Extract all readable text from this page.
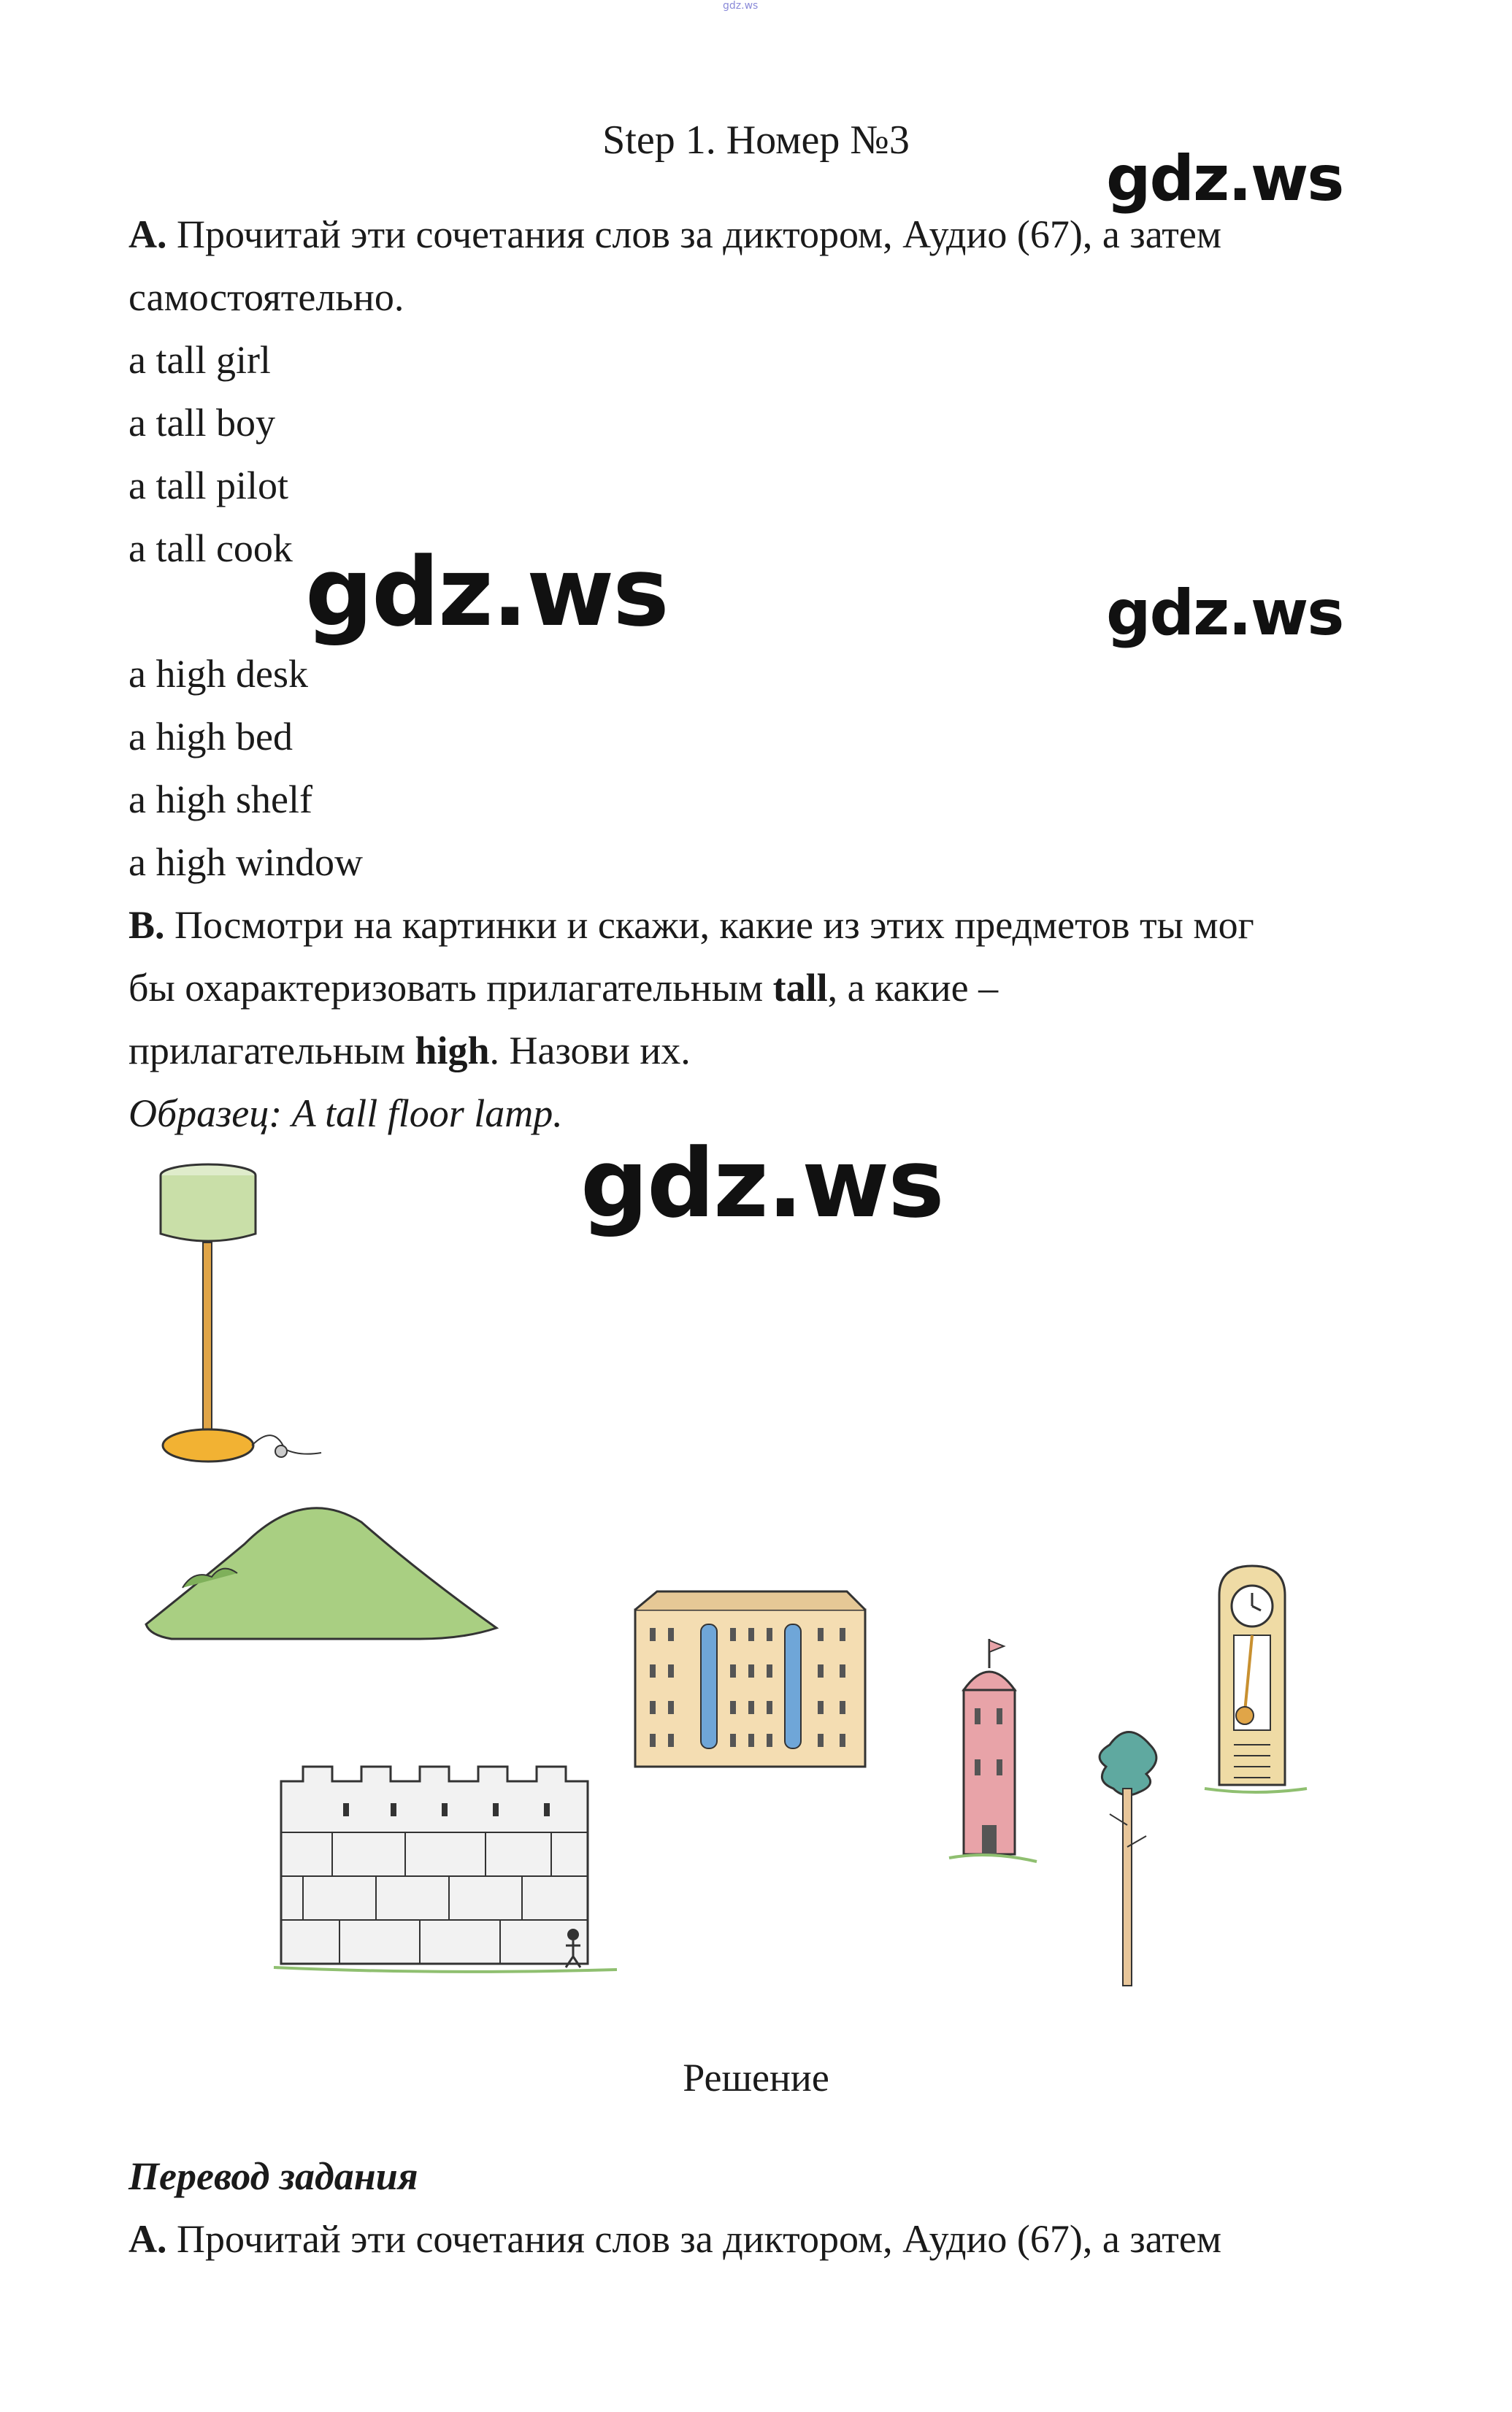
gdz.ws
Step 1. Номер №3
A. Прочитай эти сочетания слов за диктором, Аудио (67), а затем
самостоятельно.
a tall girl
a tall boy
a tall pilot
a tall cook
a high desk
a high bed
a high shelf
a high window
B. Посмотри на картинки и скажи, какие из этих предметов ты мог
бы охарактеризовать прилагательным tall, а какие –
прилагательным high. Назови их.
Образец: A tall floor lamp.
gdz.ws
gdz.ws	gdz.ws
gdz.ws
Решение
Перевод задания
A. Прочитай эти сочетания слов за диктором, Аудио (67), а затем
